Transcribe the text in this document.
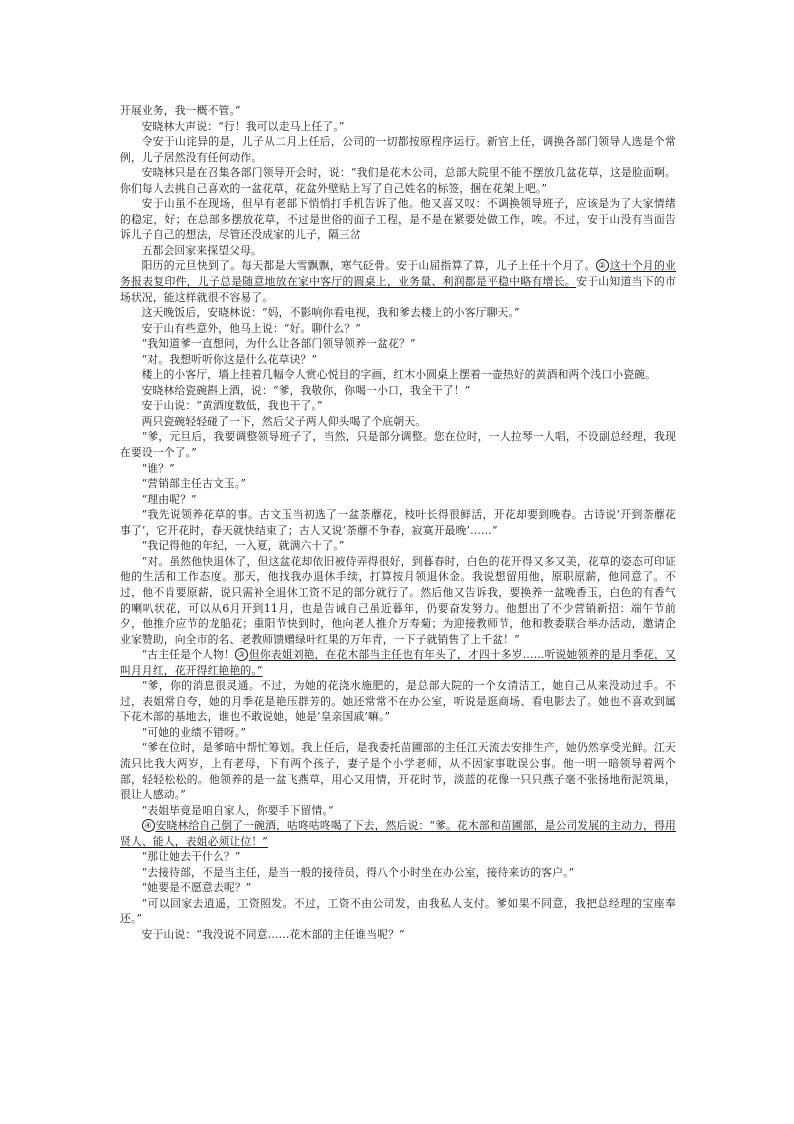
开展业务，我一概不管。”

安晓林大声说：“行！我可以走马上任了。”

令安于山诧异的是，儿子从二月上任后，公司的一切都按原程序运行。新官上任，调换各部门领导人选是个常例，儿子居然没有任何动作。

安晓林只是在召集各部门领导开会时，说：“我们是花木公司，总部大院里不能不摆放几盆花草，这是脸面啊。你们每人去挑自己喜欢的一盆花草，花盆外壁贴上写了自己姓名的标签，捆在花架上吧。”

安于山虽不在现场，但早有老部下悄悄打手机告诉了他。他又喜又叹：不调换领导班子，应该是为了大家情绪的稳定，好；在总部多摆放花草，不过是世俗的面子工程，是不是在紧要处做工作，唉。不过，安于山没有当面告诉儿子自己的想法，尽管还没成家的儿子，隔三岔

五都会回家来探望父母。

阳历的元旦快到了。每天都是大雪飘飘，寒气砭骨。安于山屈指算了算，儿子上任十个月了。 ② 这十个月的业务报表复印件，儿子总是随意地放在家中客厅的圆桌上，业务量、利润都是平稳中略有增长。安于山知道当下的市场状况，能这样就很不容易了。

这天晚饭后，安晓林说：“妈，不影响你看电视，我和爹去楼上的小客厅聊天。”

安于山有些意外，他马上说：“好。聊什么？”

“我知道爹一直想问，为什么让各部门领导领养一盆花？”

“对。我想听听你这是什么花草诀？”

楼上的小客厅，墙上挂着几幅令人赏心悦目的字画，红木小圆桌上摆着一壶热好的黄酒和两个浅口小瓷碗。

安晓林给瓷碗斟上酒，说：“爹，我敬你，你喝一小口，我全干了！”

安于山说：“黄酒度数低，我也干了。”

两只瓷碗轻轻碰了一下，然后父子两人仰头喝了个底朝天。

“爹，元旦后，我要调整领导班子了，当然，只是部分调整。您在位时，一人拉琴一人唱，不设副总经理，我现在要设一个了。”

“谁？”

“营销部主任古文玉。”

“理由呢？”

“我先说领养花草的事。古文玉当初选了一盆荼蘼花，枝叶长得很鲜活，开花却要到晚春。古诗说‘开到荼蘼花事了’，它开花时，春天就快结束了；古人又说‘荼蘼不争春，寂寞开最晚’……”

“我记得他的年纪，一入夏，就满六十了。”

“对。虽然他快退休了，但这盆花却依旧被侍弄得很好，到暮春时，白色的花开得又多又美，花草的姿态可印证他的生活和工作态度。那天，他找我办退休手续，打算按月领退休金。我说想留用他，原职原薪，他同意了。不过，他不肯要原薪，说只需补全退休工资不足的部分就行了。然后他又告诉我，要换养一盆晚香玉，白色的有香气的喇叭状花，可以从6月开到11月，也是告诫自己虽近暮年，仍要奋发努力。他想出了不少营销新招：端午节前夕，他推介应节的龙船花；重阳节快到时，他向老人推介万寿菊；为迎接教师节，他和教委联合举办活动，邀请企业家赞助，向全市的名、老教师馈赠绿叶红果的万年青，一下子就销售了上千盆！”

“古主任是个人物！ ③ 但你表姐刘艳，在花木部当主任也有年头了，才四十多岁……听说她领养的是月季花，又叫月月红，花开得红艳艳的。”

“爹，你的消息很灵通。不过，为她的花浇水施肥的，是总部大院的一个女清洁工，她自己从来没动过手。不过，表姐常自夸，她的月季花是艳压群芳的。她还常常不在办公室，听说是逛商场、看电影去了。她也不喜欢到属下花木部的基地去，谁也不敢说她，她是‘皇亲国戚’嘛。”

“可她的业绩不错呀。”

“爹在位时，是爹暗中帮忙筹划。我上任后，是我委托苗圃部的主任江天流去安排生产，她仍然享受光鲜。江天流只比我大两岁，上有老母，下有两个孩子，妻子是个小学老师，从不因家事耽误公事。他一明一暗领导着两个部，轻轻松松的。他领养的是一盆飞燕草，用心又用情，开花时节，淡蓝的花像一只只燕子毫不张扬地衔泥筑巢，很让人感动。”

“表姐毕竟是咱自家人，你要手下留情。”

④ 安晓林给自己倒了一碗酒，咕咚咕咚喝了下去，然后说：“爹。花木部和苗圃部，是公司发展的主动力，得用贤人、能人，表姐必须让位！”

“那让她去干什么？”

“去接待部，不是当主任，是当一般的接待员，得八个小时坐在办公室，接待来访的客户。”

“她要是不愿意去呢？”

“可以回家去逍遥，工资照发。不过，工资不由公司发，由我私人支付。爹如果不同意，我把总经理的宝座奉还。”

安于山说：“我没说不同意……花木部的主任谁当呢？”
